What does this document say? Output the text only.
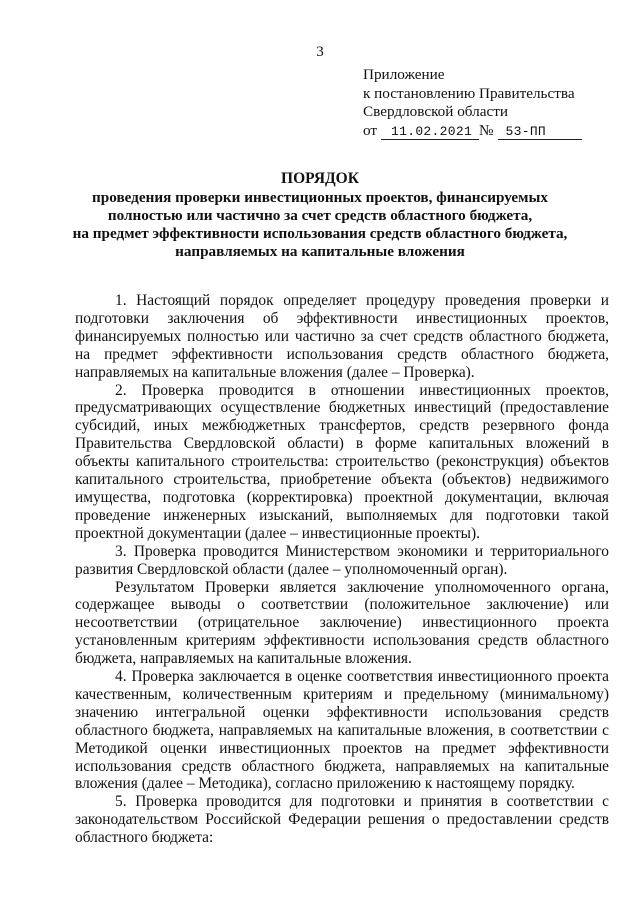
3
Приложение
к постановлению Правительства
Свердловской области
от 11.02.2021 № 53-ПП
ПОРЯДОК
проведения проверки инвестиционных проектов, финансируемых
полностью или частично за счет средств областного бюджета,
на предмет эффективности использования средств областного бюджета,
направляемых на капитальные вложения

1. Настоящий порядок определяет процедуру проведения проверки и подготовки заключения об эффективности инвестиционных проектов, финансируемых полностью или частично за счет средств областного бюджета, на предмет эффективности использования средств областного бюджета, направляемых на капитальные вложения (далее – Проверка).

2. Проверка проводится в отношении инвестиционных проектов, предусматривающих осуществление бюджетных инвестиций (предоставление субсидий, иных межбюджетных трансфертов, средств резервного фонда Правительства Свердловской области) в форме капитальных вложений в объекты капитального строительства: строительство (реконструкция) объектов капитального строительства, приобретение объекта (объектов) недвижимого имущества, подготовка (корректировка) проектной документации, включая проведение инженерных изысканий, выполняемых для подготовки такой проектной документации (далее – инвестиционные проекты).

3. Проверка проводится Министерством экономики и территориального развития Свердловской области (далее – уполномоченный орган).

Результатом Проверки является заключение уполномоченного органа, содержащее выводы о соответствии (положительное заключение) или несоответствии (отрицательное заключение) инвестиционного проекта установленным критериям эффективности использования средств областного бюджета, направляемых на капитальные вложения.

4. Проверка заключается в оценке соответствия инвестиционного проекта качественным, количественным критериям и предельному (минимальному) значению интегральной оценки эффективности использования средств областного бюджета, направляемых на капитальные вложения, в соответствии с Методикой оценки инвестиционных проектов на предмет эффективности использования средств областного бюджета, направляемых на капитальные вложения (далее – Методика), согласно приложению к настоящему порядку.

5. Проверка проводится для подготовки и принятия в соответствии с законодательством Российской Федерации решения о предоставлении средств областного бюджета:
